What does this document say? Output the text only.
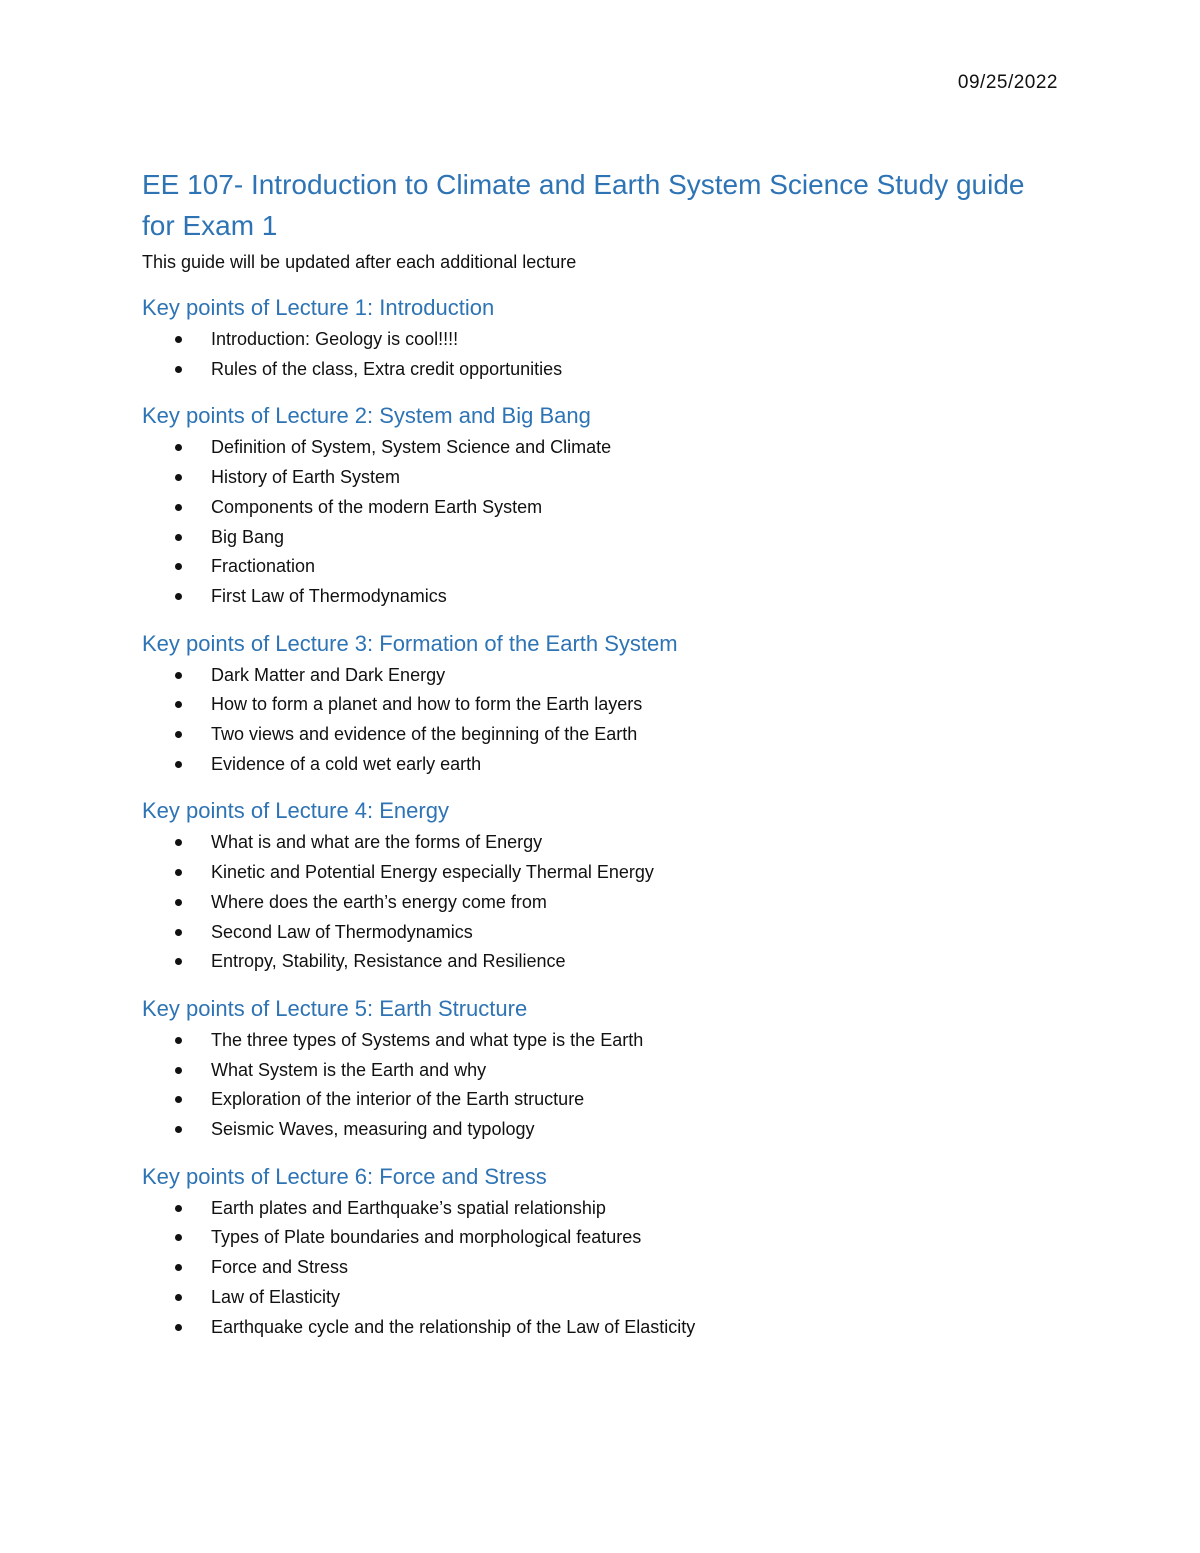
09/25/2022
EE 107- Introduction to Climate and Earth System Science Study guide for Exam 1

This guide will be updated after each additional lecture

Key points of Lecture 1: Introduction
Introduction: Geology is cool!!!!
Rules of the class, Extra credit opportunities
Key points of Lecture 2: System and Big Bang
Definition of System, System Science and Climate
History of Earth System
Components of the modern Earth System
Big Bang
Fractionation
First Law of Thermodynamics
Key points of Lecture 3: Formation of the Earth System
Dark Matter and Dark Energy
How to form a planet and how to form the Earth layers
Two views and evidence of the beginning of the Earth
Evidence of a cold wet early earth
Key points of Lecture 4: Energy
What is and what are the forms of Energy
Kinetic and Potential Energy especially Thermal Energy
Where does the earth’s energy come from
Second Law of Thermodynamics
Entropy, Stability, Resistance and Resilience
Key points of Lecture 5: Earth Structure
The three types of Systems and what type is the Earth
What System is the Earth and why
Exploration of the interior of the Earth structure
Seismic Waves, measuring and typology
Key points of Lecture 6: Force and Stress
Earth plates and Earthquake’s spatial relationship
Types of Plate boundaries and morphological features
Force and Stress
Law of Elasticity
Earthquake cycle and the relationship of the Law of Elasticity
